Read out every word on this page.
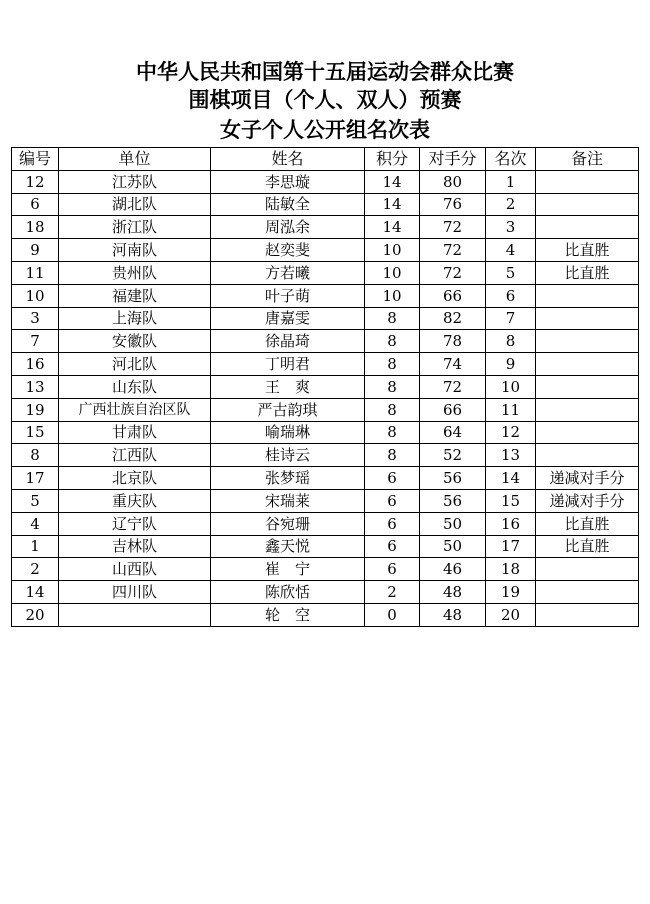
中华人民共和国第十五届运动会群众比赛
围棋项目（个人、双人）预赛
女子个人公开组名次表
编号	单位	姓名	积分	对手分	名次	备注
12	江苏队	李思璇	14	80	1	
6	湖北队	陆敏全	14	76	2	
18	浙江队	周泓余	14	72	3	
9	河南队	赵奕斐	10	72	4	比直胜
11	贵州队	方若曦	10	72	5	比直胜
10	福建队	叶子萌	10	66	6	
3	上海队	唐嘉雯	8	82	7	
7	安徽队	徐晶琦	8	78	8	
16	河北队	丁明君	8	74	9	
13	山东队	王　爽	8	72	10	
19	广西壮族自治区队	严古韵琪	8	66	11	
15	甘肃队	喻瑞琳	8	64	12	
8	江西队	桂诗云	8	52	13	
17	北京队	张梦瑶	6	56	14	递减对手分
5	重庆队	宋瑞莱	6	56	15	递减对手分
4	辽宁队	谷宛珊	6	50	16	比直胜
1	吉林队	鑫天悦	6	50	17	比直胜
2	山西队	崔　宁	6	46	18	
14	四川队	陈欣恬	2	48	19	
20		轮　空	0	48	20	
